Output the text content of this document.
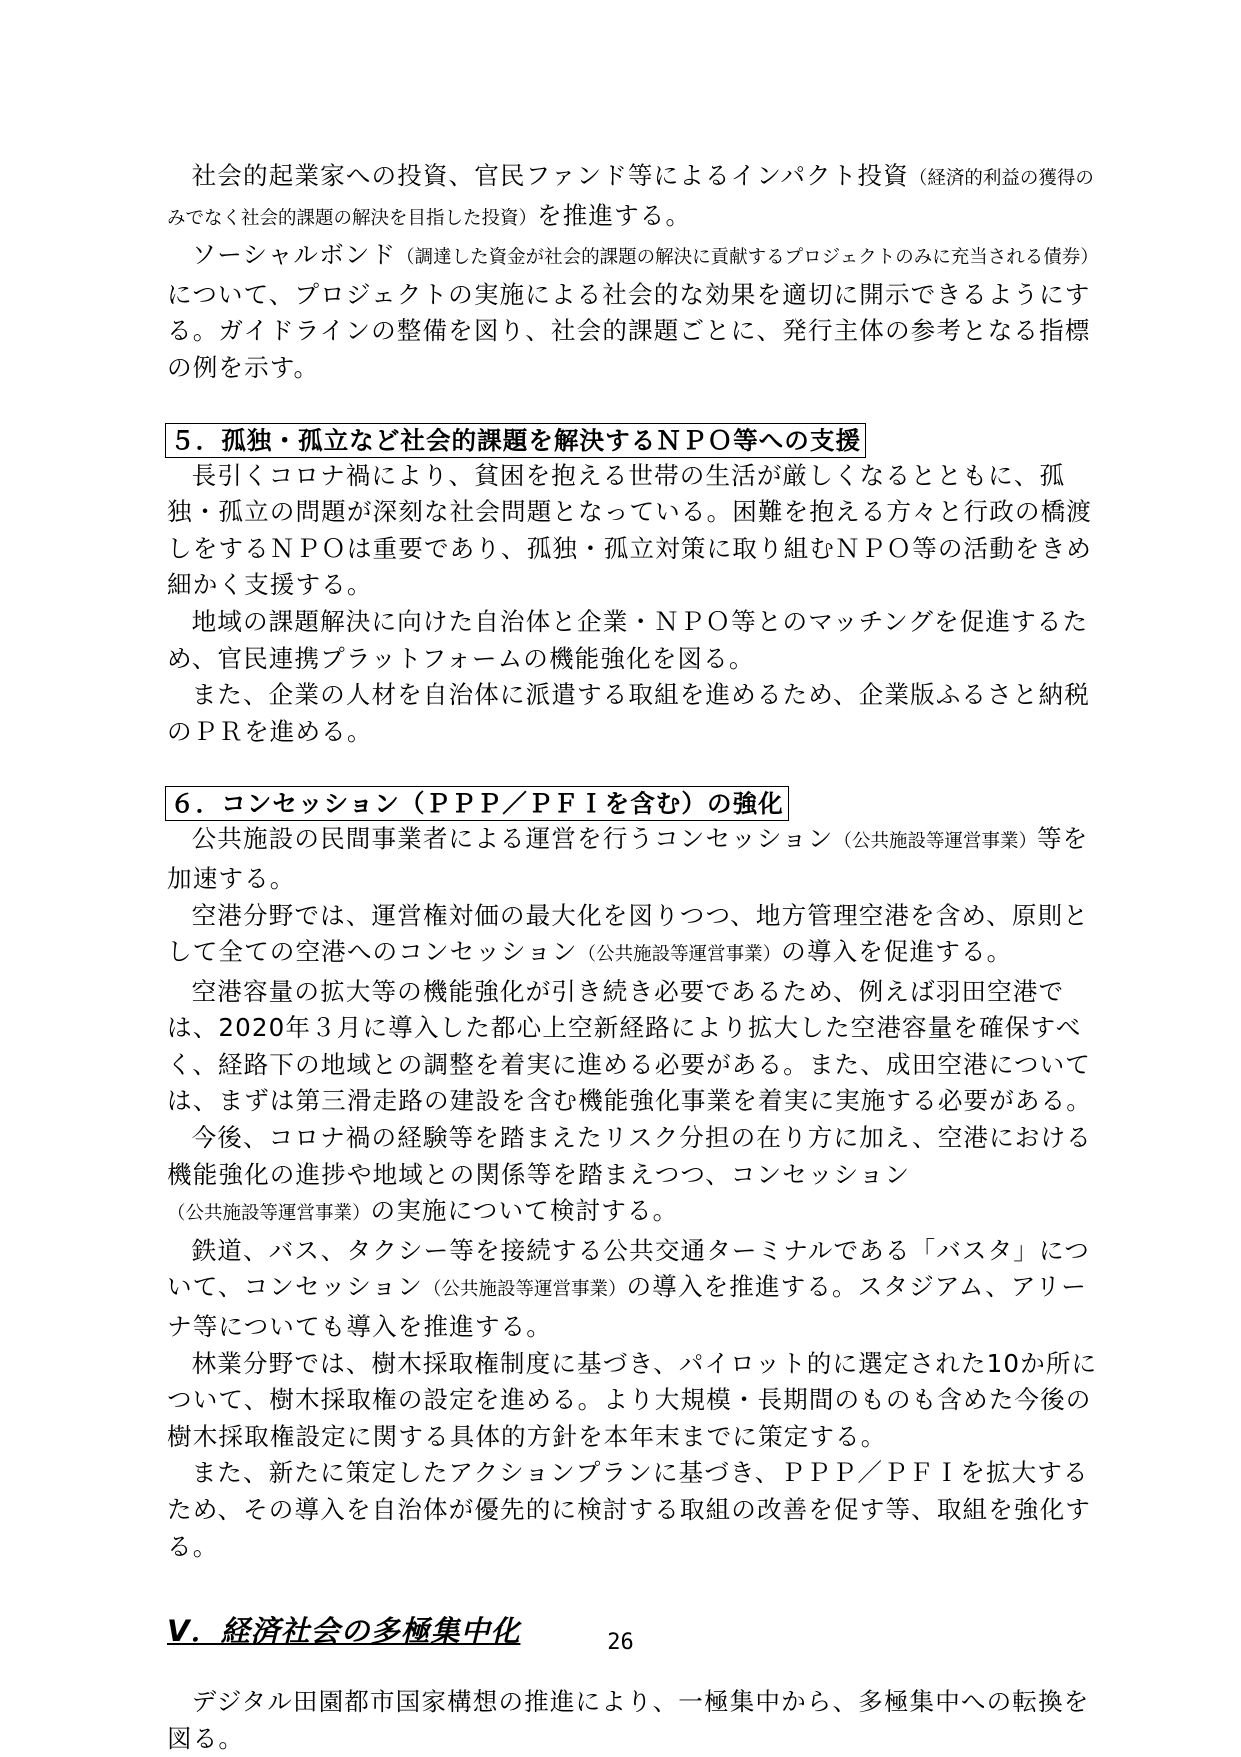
社会的起業家への投資、官民ファンド等によるインパクト投資（経済的利益の獲得のみでなく社会的課題の解決を目指した投資）を推進する。

ソーシャルボンド（調達した資金が社会的課題の解決に貢献するプロジェクトのみに充当される債券）について、プロジェクトの実施による社会的な効果を適切に開示できるようにする。ガイドラインの整備を図り、社会的課題ごとに、発行主体の参考となる指標の例を示す。

５．孤独・孤立など社会的課題を解決するＮＰＯ等への支援

長引くコロナ禍により、貧困を抱える世帯の生活が厳しくなるとともに、孤独・孤立の問題が深刻な社会問題となっている。困難を抱える方々と行政の橋渡しをするＮＰＯは重要であり、孤独・孤立対策に取り組むＮＰＯ等の活動をきめ細かく支援する。

地域の課題解決に向けた自治体と企業・ＮＰＯ等とのマッチングを促進するため、官民連携プラットフォームの機能強化を図る。

また、企業の人材を自治体に派遣する取組を進めるため、企業版ふるさと納税のＰＲを進める。

６．コンセッション（ＰＰＰ／ＰＦＩを含む）の強化

公共施設の民間事業者による運営を行うコンセッション（公共施設等運営事業）等を加速する。

空港分野では、運営権対価の最大化を図りつつ、地方管理空港を含め、原則として全ての空港へのコンセッション（公共施設等運営事業）の導入を促進する。

空港容量の拡大等の機能強化が引き続き必要であるため、例えば羽田空港では、2020年３月に導入した都心上空新経路により拡大した空港容量を確保すべく、経路下の地域との調整を着実に進める必要がある。また、成田空港については、まずは第三滑走路の建設を含む機能強化事業を着実に実施する必要がある。

今後、コロナ禍の経験等を踏まえたリスク分担の在り方に加え、空港における機能強化の進捗や地域との関係等を踏まえつつ、コンセッション（公共施設等運営事業）の実施について検討する。

鉄道、バス、タクシー等を接続する公共交通ターミナルである「バスタ」について、コンセッション（公共施設等運営事業）の導入を推進する。スタジアム、アリーナ等についても導入を推進する。

林業分野では、樹木採取権制度に基づき、パイロット的に選定された10か所について、樹木採取権の設定を進める。より大規模・長期間のものも含めた今後の樹木採取権設定に関する具体的方針を本年末までに策定する。

また、新たに策定したアクションプランに基づき、ＰＰＰ／ＰＦＩを拡大するため、その導入を自治体が優先的に検討する取組の改善を促す等、取組を強化する。

Ⅴ．経済社会の多極集中化

デジタル田園都市国家構想の推進により、一極集中から、多極集中への転換を図る。

26
